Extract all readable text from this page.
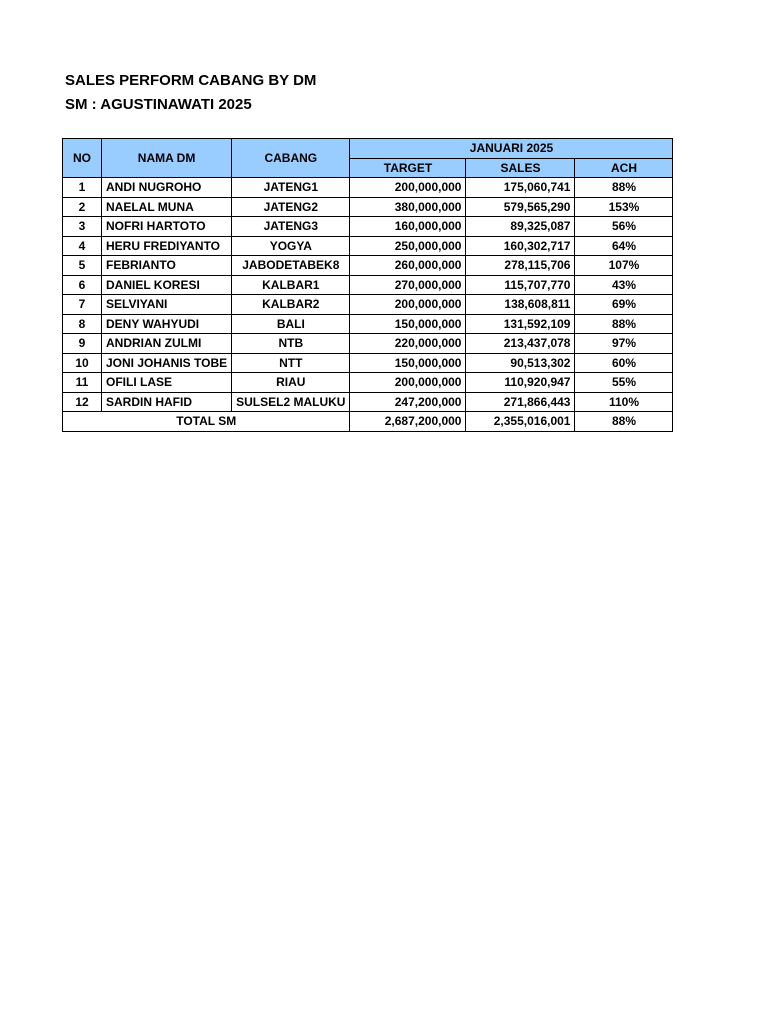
SALES PERFORM CABANG BY DM
SM : AGUSTINAWATI 2025
NO	NAMA DM	CABANG	JANUARI 2025		
			TARGET	SALES	ACH
1	ANDI NUGROHO	JATENG1	200,000,000	175,060,741	88%
2	NAELAL MUNA	JATENG2	380,000,000	579,565,290	153%
3	NOFRI HARTOTO	JATENG3	160,000,000	89,325,087	56%
4	HERU FREDIYANTO	YOGYA	250,000,000	160,302,717	64%
5	FEBRIANTO	JABODETABEK8	260,000,000	278,115,706	107%
6	DANIEL KORESI	KALBAR1	270,000,000	115,707,770	43%
7	SELVIYANI	KALBAR2	200,000,000	138,608,811	69%
8	DENY WAHYUDI	BALI	150,000,000	131,592,109	88%
9	ANDRIAN ZULMI	NTB	220,000,000	213,437,078	97%
10	JONI JOHANIS TOBE	NTT	150,000,000	90,513,302	60%
11	OFILI LASE	RIAU	200,000,000	110,920,947	55%
12	SARDIN HAFID	SULSEL2 MALUKU	247,200,000	271,866,443	110%
TOTAL SM			2,687,200,000	2,355,016,001	88%
